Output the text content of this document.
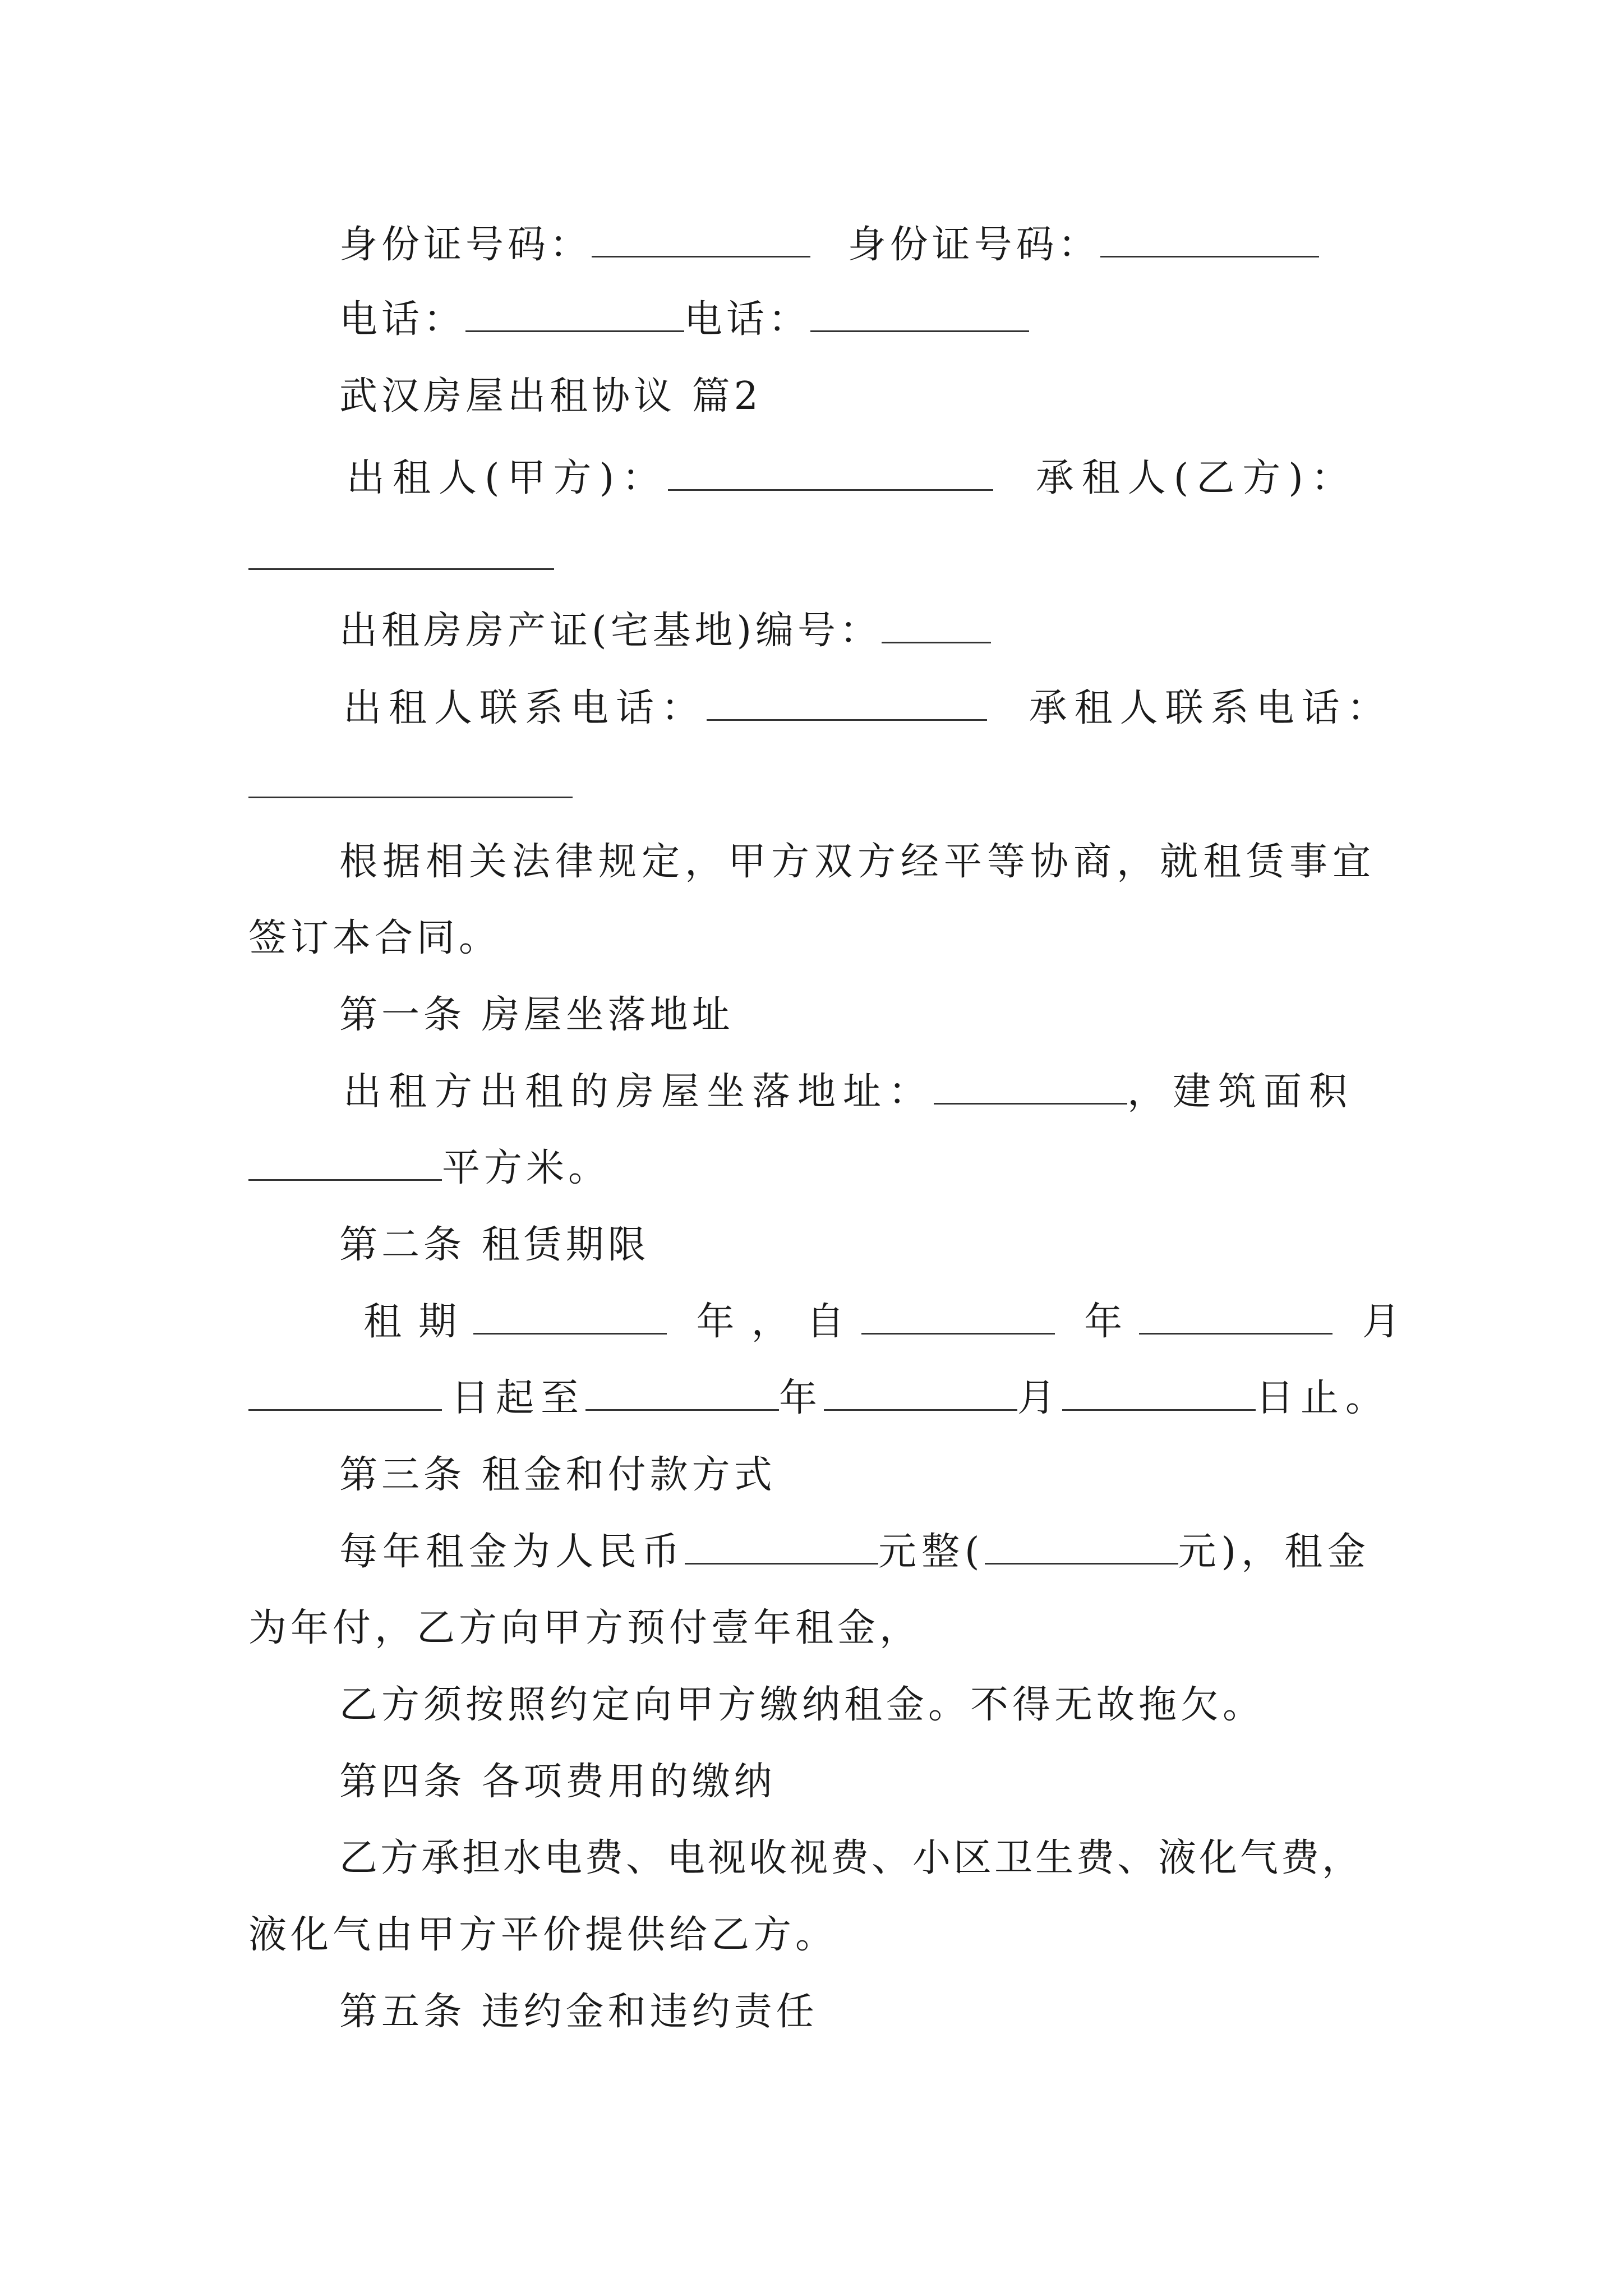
身份证号码：	身份证号码：
电话：	电话：
武汉房屋出租协议 篇2
出租人(甲方)：	承租人(乙方)：
出租房房产证(宅基地)编号：
出租人联系电话：	承租人联系电话：
根据相关法律规定，甲方双方经平等协商，就租赁事宜
签订本合同。
第一条 房屋坐落地址
出租方出租的房屋坐落地址：	，建筑面积
平方米。
第二条 租赁期限
租期	年，自	年	月
日起至	年	月	日止。
第三条 租金和付款方式
每年租金为人民币	元整(	元)，租金
为年付，乙方向甲方预付壹年租金，
乙方须按照约定向甲方缴纳租金。不得无故拖欠。
第四条 各项费用的缴纳
乙方承担水电费、电视收视费、小区卫生费、液化气费，
液化气由甲方平价提供给乙方。
第五条 违约金和违约责任
